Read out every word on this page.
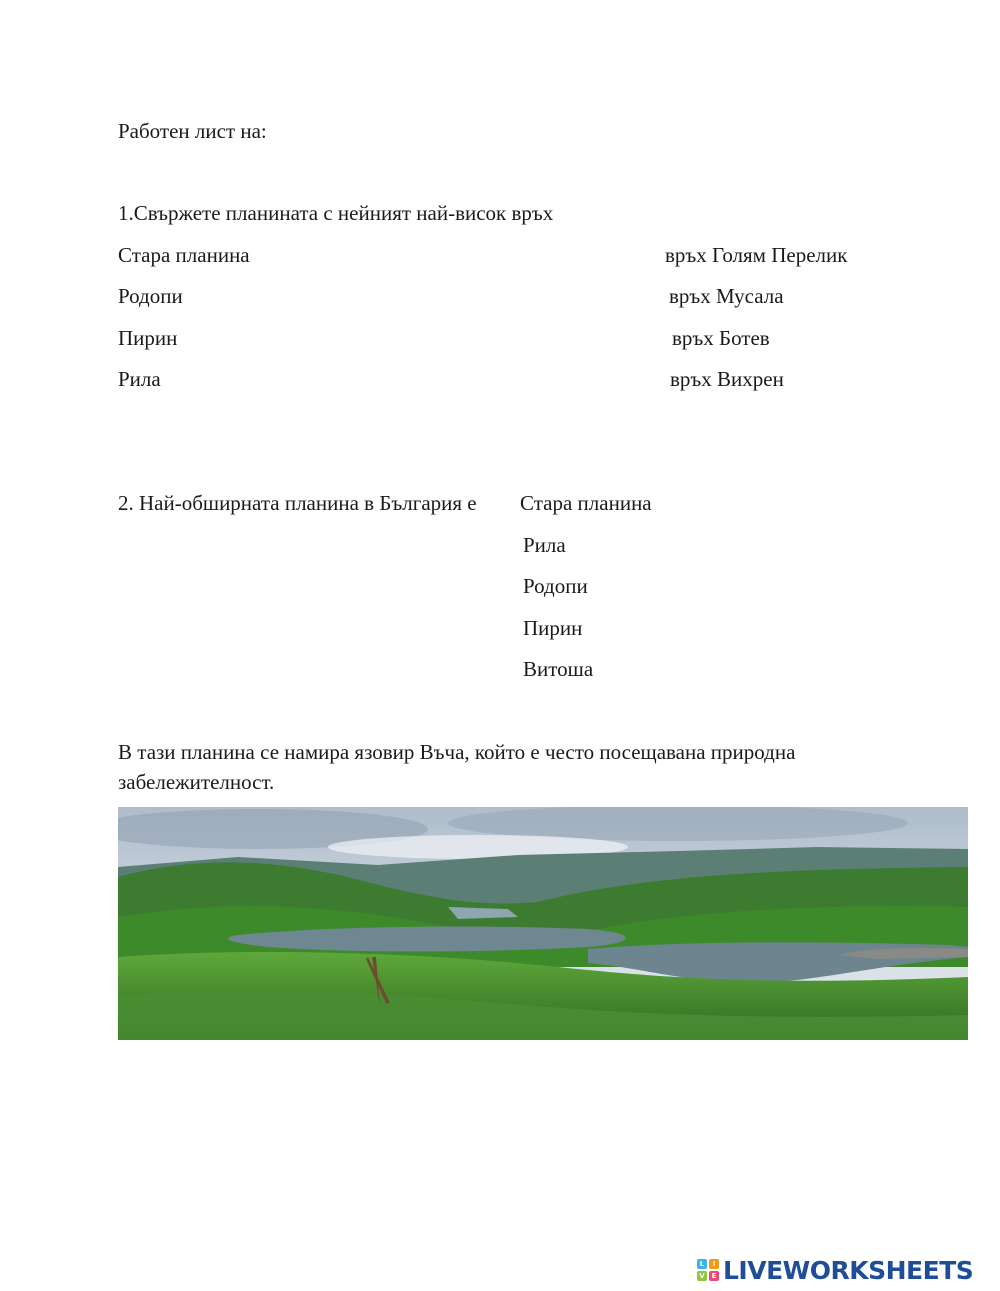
Работен лист на:
1.Свържете планината с нейният най-висок връх
Стара планина
Родопи
Пирин
Рила
връх Голям Перелик
връх Мусала
връх Ботев
връх Вихрен
2. Най-обширната планина в България е Стара планина
Рила
Родопи
Пирин
Витоша
В тази планина се намира язовир Въча, който е често посещавана природна забележителност.
L	I
V E LIVEWORKSHEETS
